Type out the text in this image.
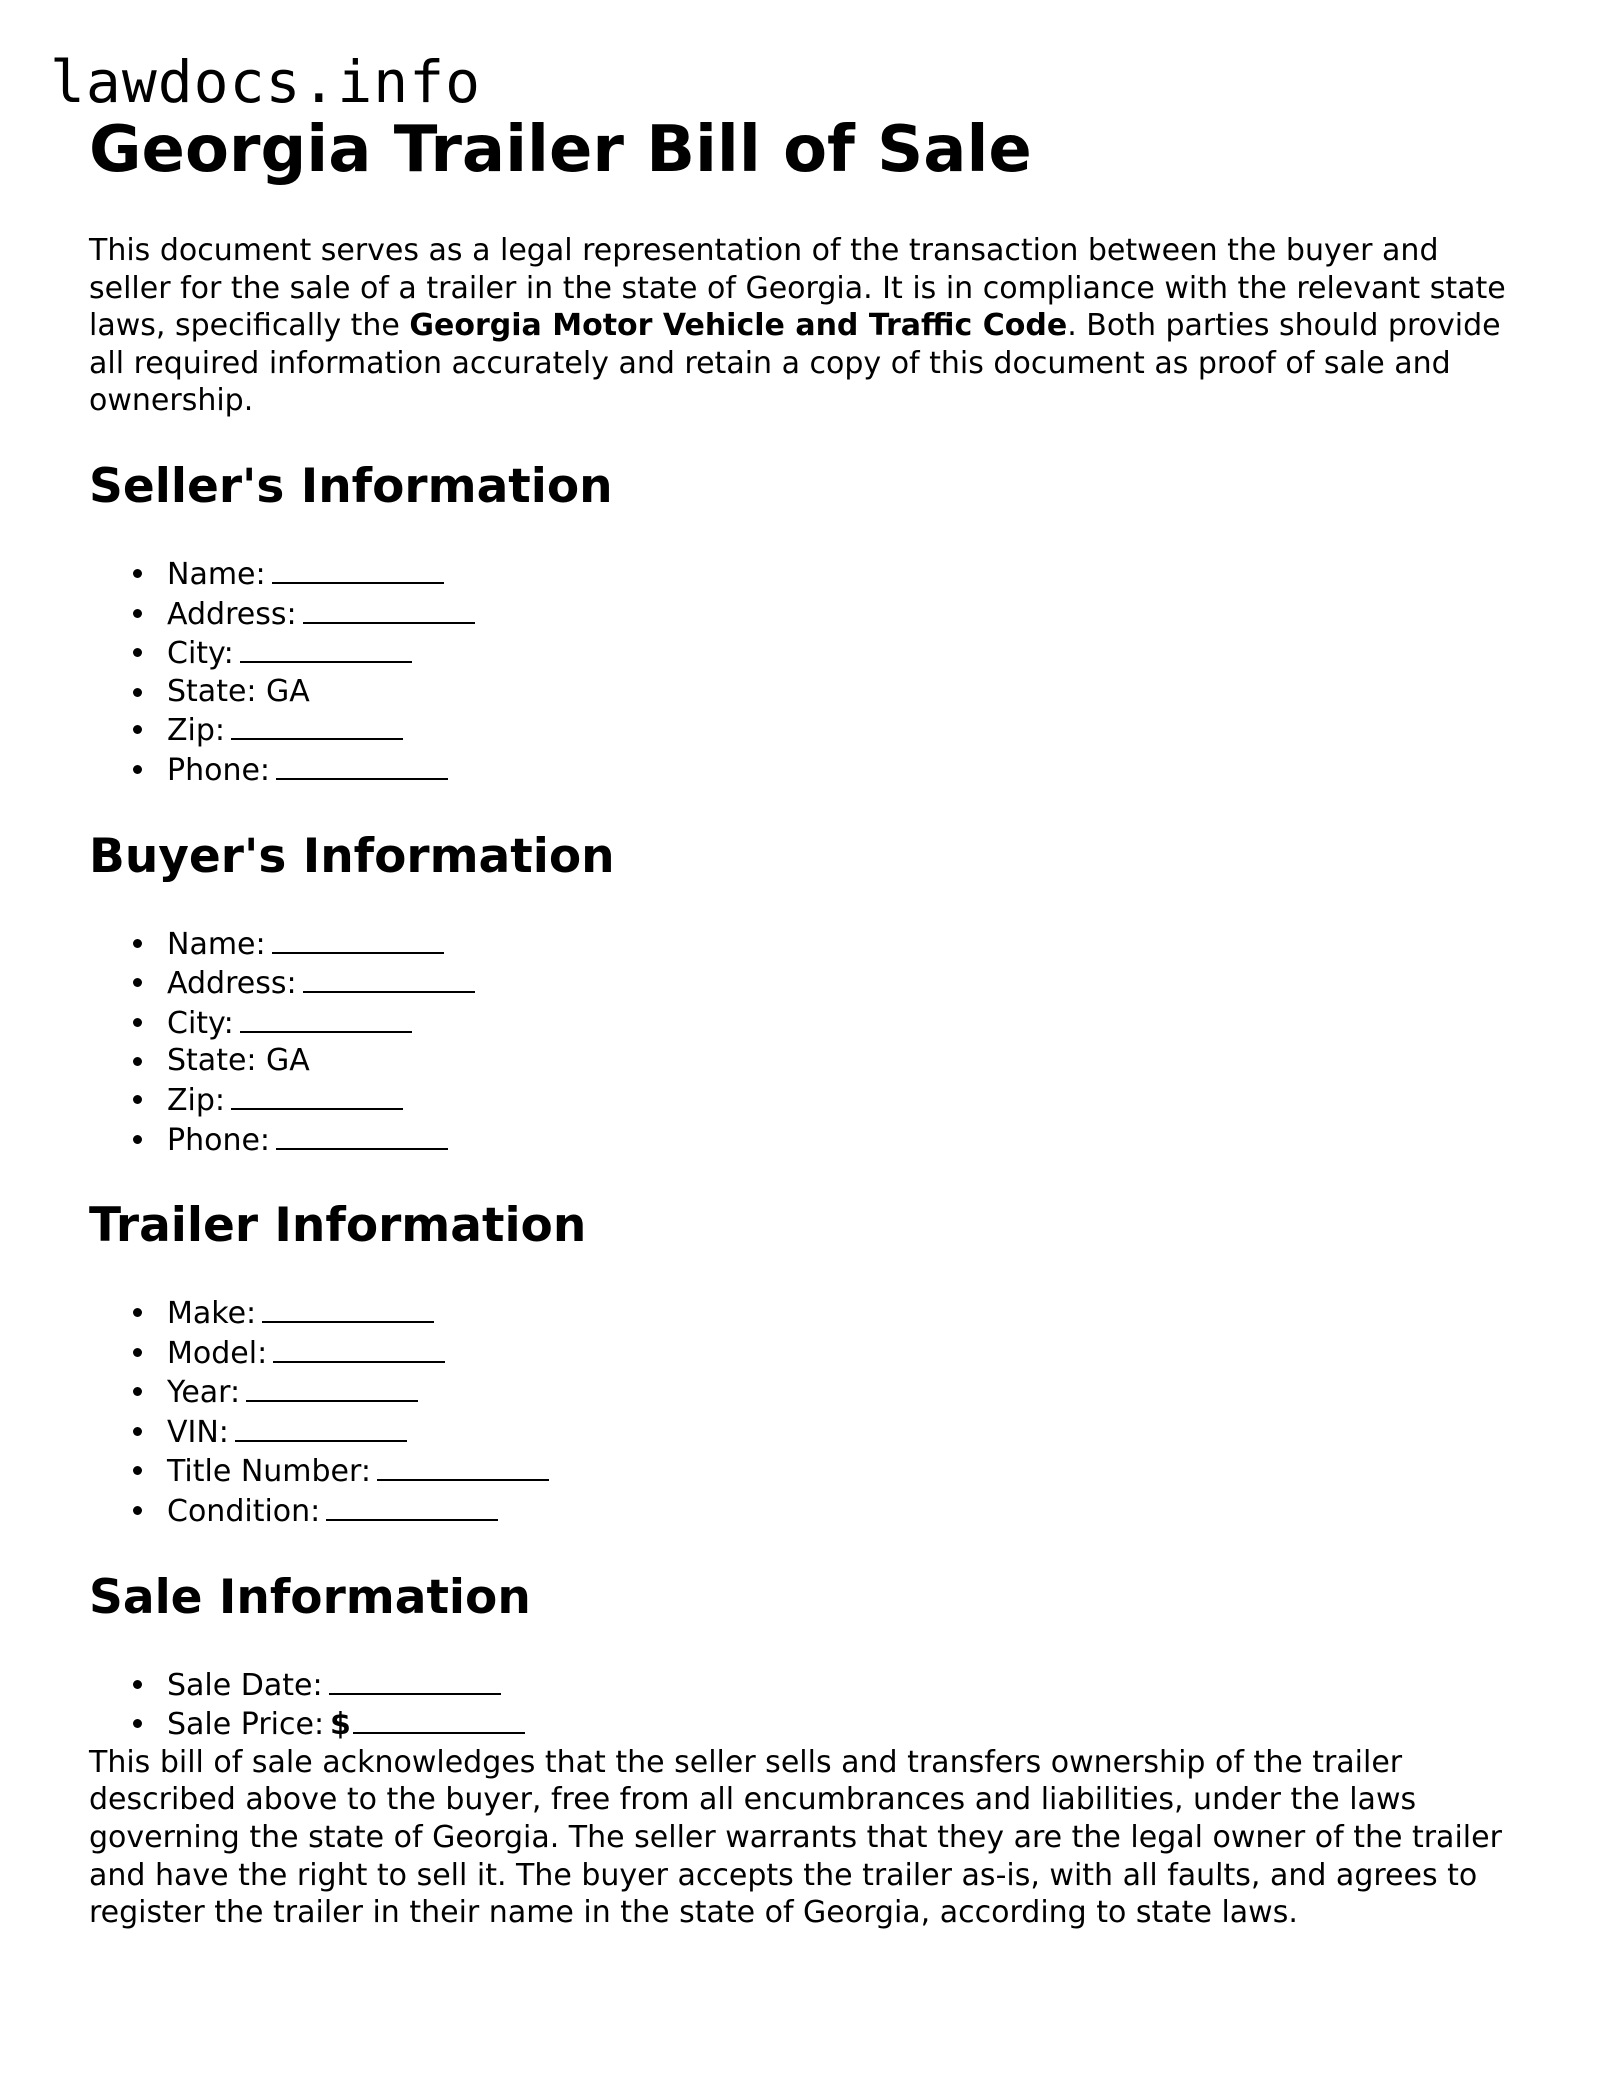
lawdocs.info
Georgia Trailer Bill of Sale

This document serves as a legal representation of the transaction between the buyer and seller for the sale of a trailer in the state of Georgia. It is in compliance with the relevant state laws, specifically the Georgia Motor Vehicle and Traffic Code. Both parties should provide all required information accurately and retain a copy of this document as proof of sale and ownership.

Seller's Information
Name:
Address:
City:
State: GA
Zip:
Phone:
Buyer's Information
Name:
Address:
City:
State: GA
Zip:
Phone:
Trailer Information
Make:
Model:
Year:
VIN:
Title Number:
Condition:
Sale Information
Sale Date:
Sale Price: $

This bill of sale acknowledges that the seller sells and transfers ownership of the trailer described above to the buyer, free from all encumbrances and liabilities, under the laws governing the state of Georgia. The seller warrants that they are the legal owner of the trailer and have the right to sell it. The buyer accepts the trailer as-is, with all faults, and agrees to register the trailer in their name in the state of Georgia, according to state laws.
